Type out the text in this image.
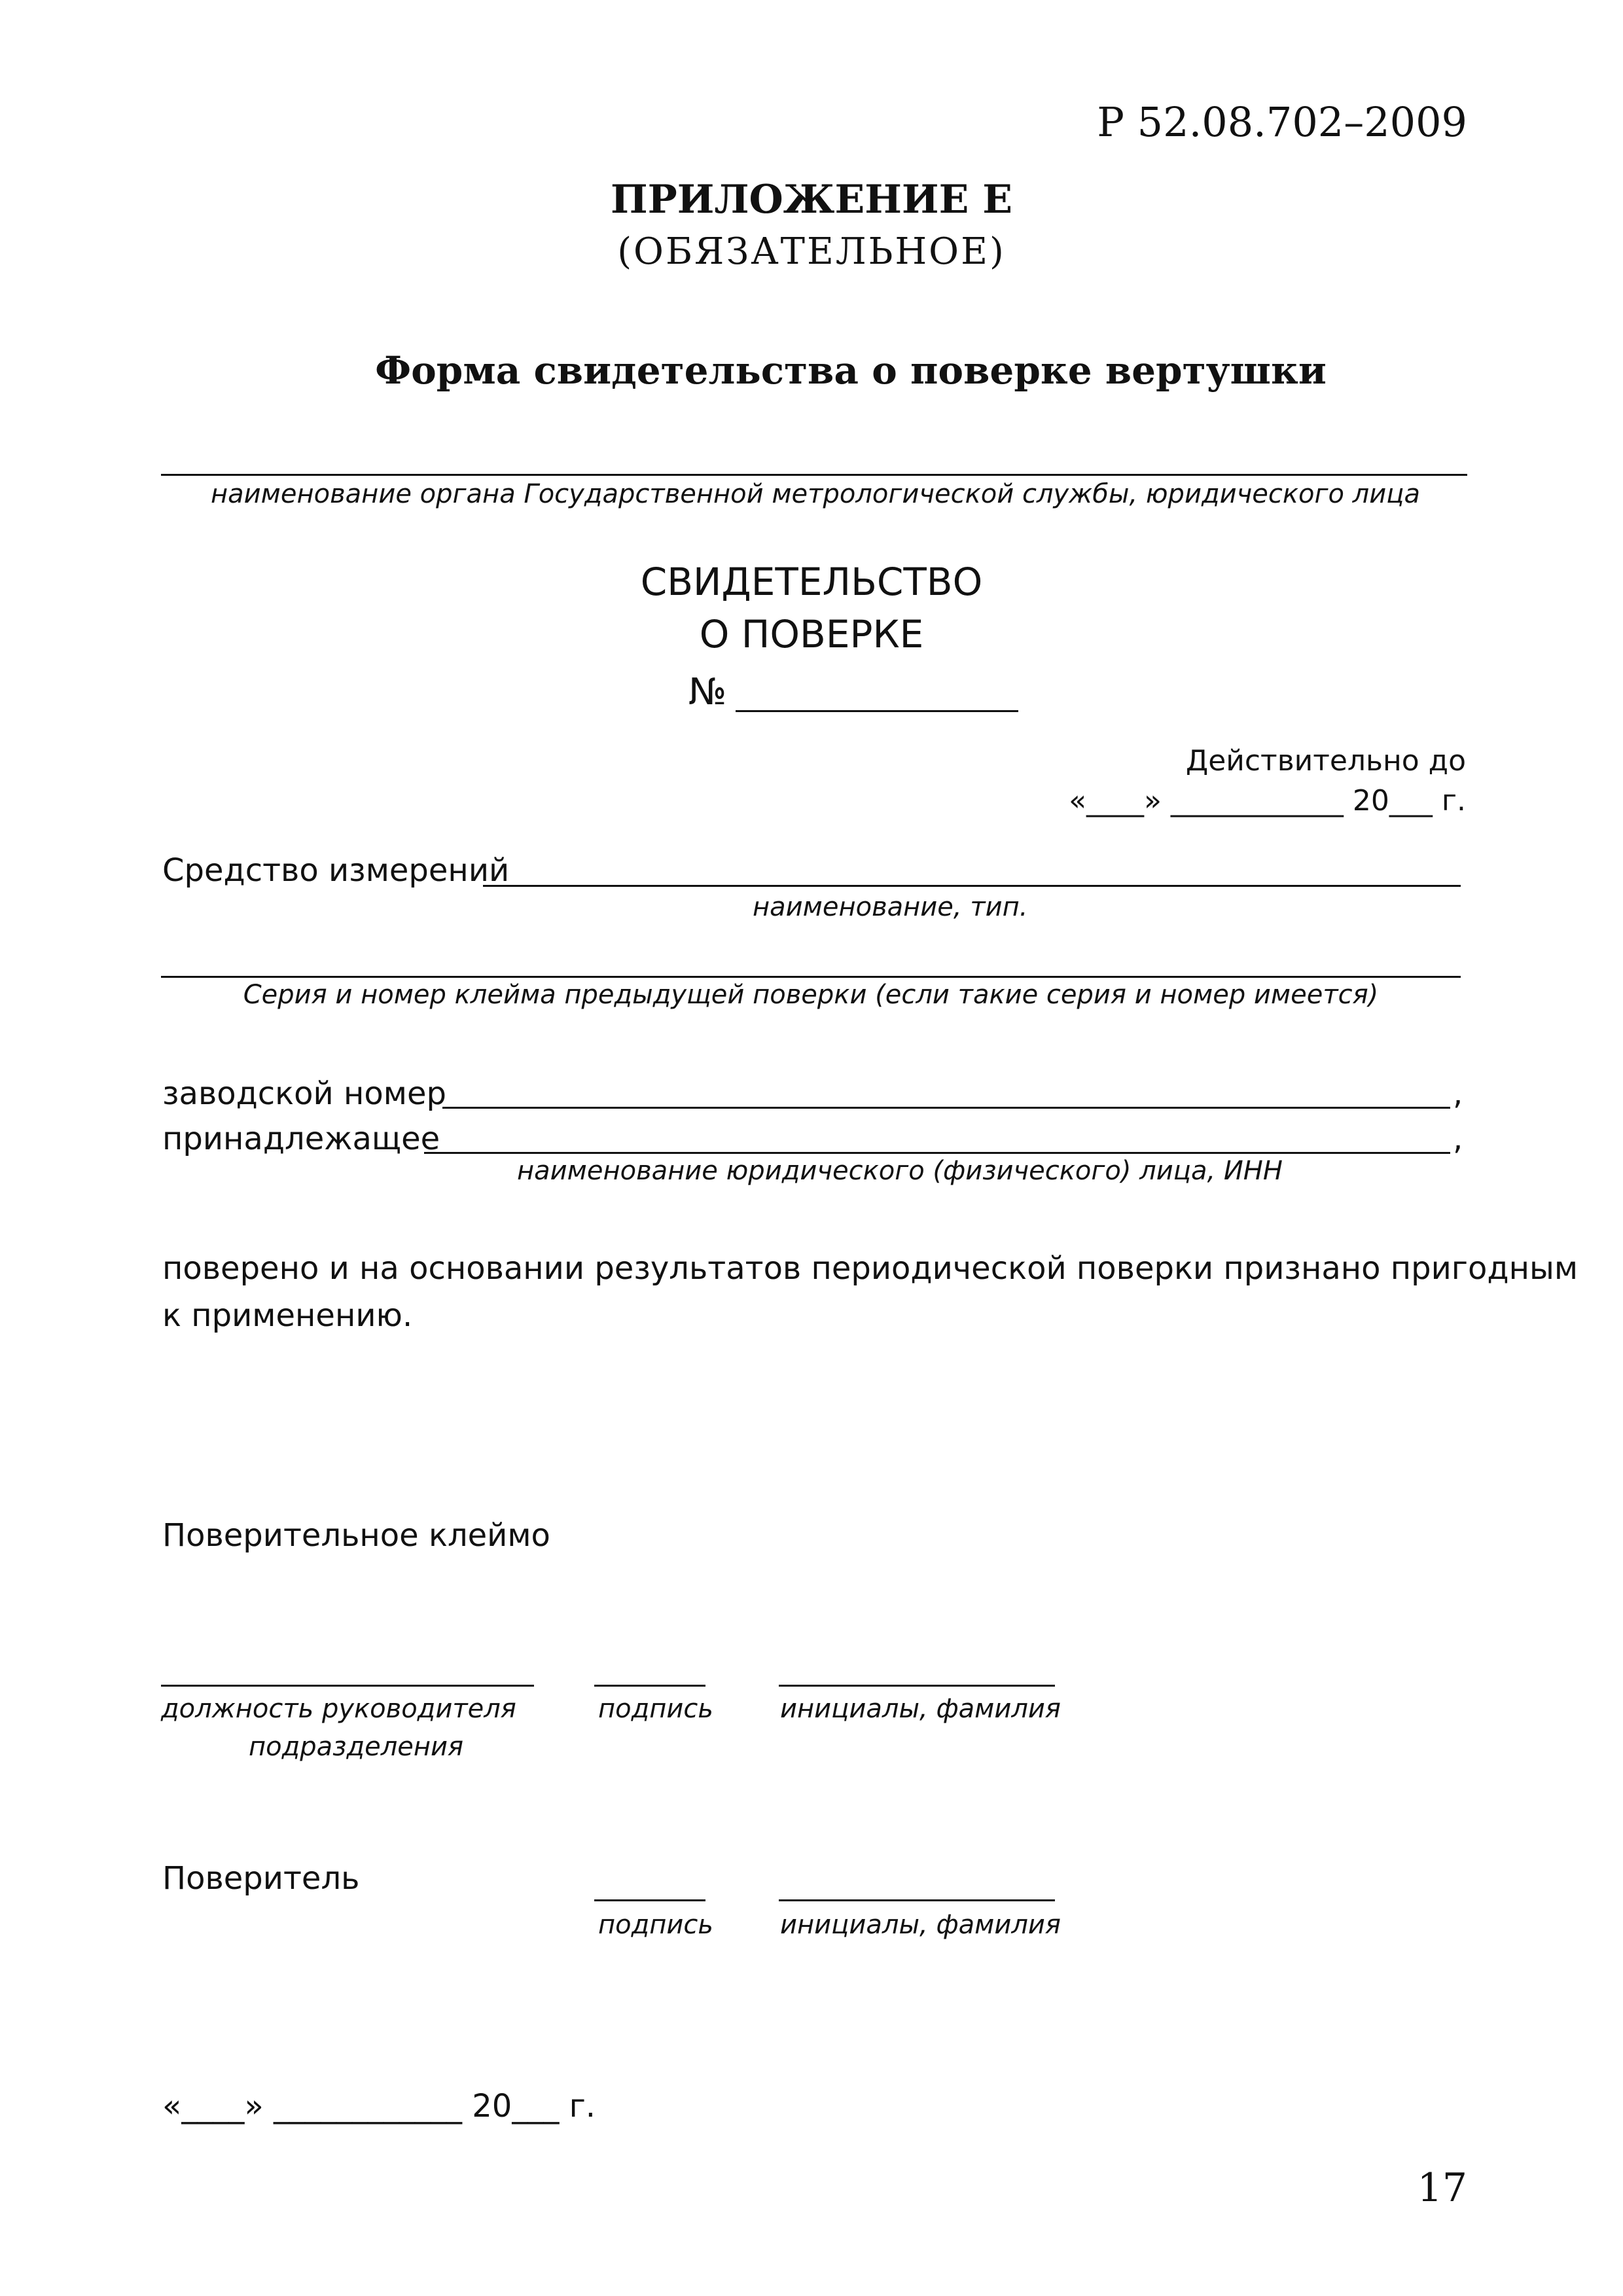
Р 52.08.702–2009
ПРИЛОЖЕНИЕ Е
(ОБЯЗАТЕЛЬНОЕ)
Форма свидетельства о поверке вертушки
наименование органа Государственной метрологической службы, юридического лица
СВИДЕТЕЛЬСТВО
О ПОВЕРКЕ
№
Действительно до
«____» ____________ 20___ г.
Средство измерений
наименование, тип.
Серия и номер клейма предыдущей поверки (если такие серия и номер имеется)
заводской номер	,
принадлежащее	,
наименование юридического (физического) лица, ИНН
поверено и на основании результатов периодической поверки признано пригодным
к применению.
Поверительное клеймо
должность руководителя
подразделения
подпись	инициалы, фамилия
Поверитель
подпись	инициалы, фамилия
«____» ____________ 20___ г.
17
